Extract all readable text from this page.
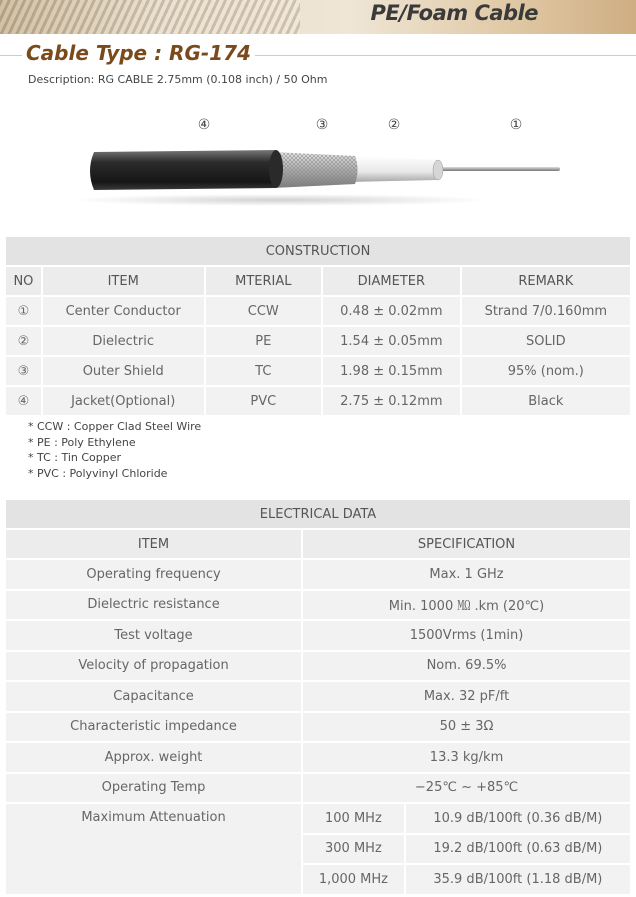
PE/Foam Cable
Cable Type : RG-174
Description: RG CABLE 2.75mm (0.108 inch) / 50 Ohm
④	③	②	①
CONSTRUCTION				
NO	ITEM	MTERIAL	DIAMETER	REMARK
①	Center Conductor	CCW	0.48 ± 0.02mm	Strand 7/0.160mm
②	Dielectric	PE	1.54 ± 0.05mm	SOLID
③	Outer Shield	TC	1.98 ± 0.15mm	95% (nom.)
④	Jacket(Optional)	PVC	2.75 ± 0.12mm	Black
* CCW : Copper Clad Steel Wire
* PE : Poly Ethylene
* TC : Tin Copper
* PVC : Polyvinyl Chloride
ELECTRICAL DATA		
ITEM	SPECIFICATION	
Operating frequency	Max. 1 GHz	
Dielectric resistance	Min. 1000 ㏁ .km (20℃)	
Test voltage	1500Vrms (1min)	
Velocity of propagation	Nom. 69.5%	
Capacitance	Max. 32 pF/ft	
Characteristic impedance	50 ± 3Ω	
Approx. weight	13.3 kg/km	
Operating Temp	−25℃ ~ +85℃	
Maximum Attenuation	100 MHz	10.9 dB/100ft (0.36 dB/M)
	300 MHz	19.2 dB/100ft (0.63 dB/M)
	1,000 MHz	35.9 dB/100ft (1.18 dB/M)
